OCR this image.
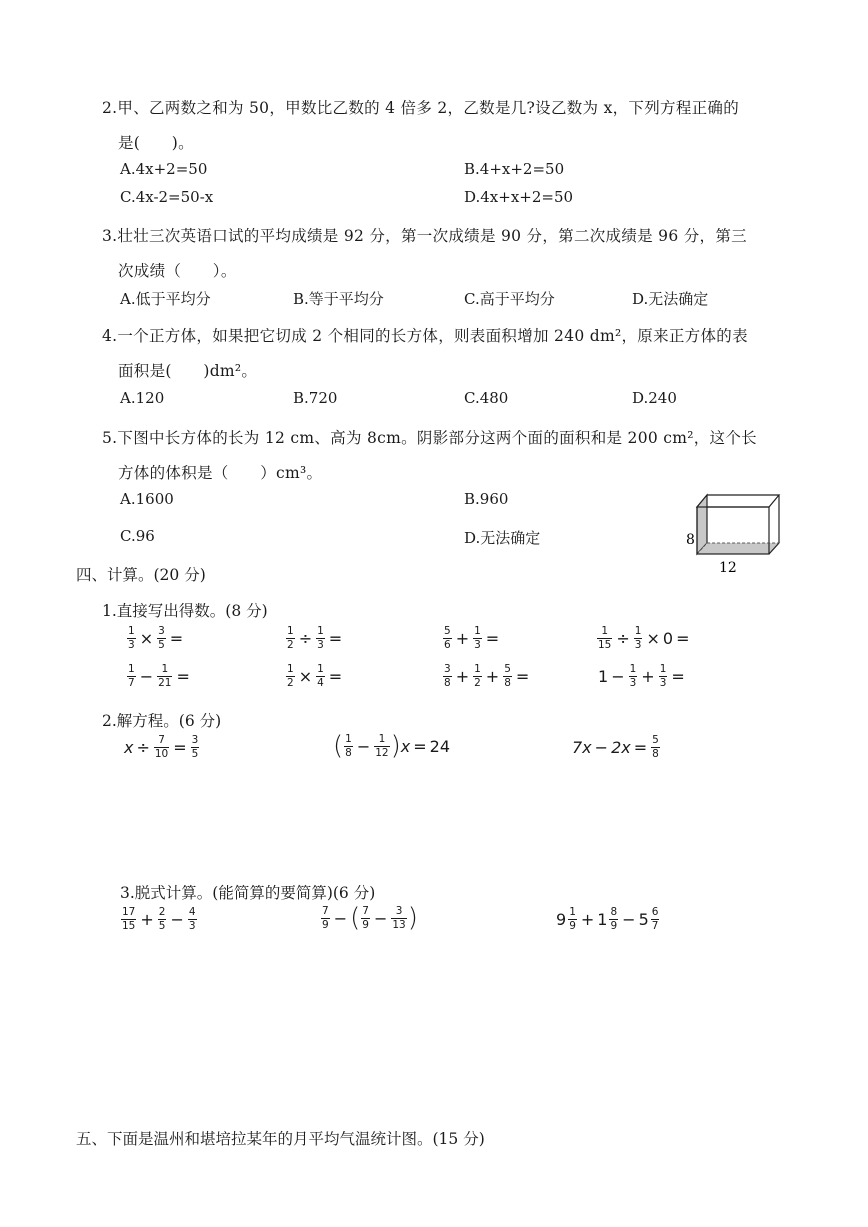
2.甲、乙两数之和为 50，甲数比乙数的 4 倍多 2，乙数是几?设乙数为 x，下列方程正确的
是(　　)。
A.4x+2=50	B.4+x+2=50
C.4x-2=50-x	D.4x+x+2=50
3.壮壮三次英语口试的平均成绩是 92 分，第一次成绩是 90 分，第二次成绩是 96 分，第三
次成绩（　　）。
A.低于平均分	B.等于平均分	C.高于平均分	D.无法确定
4.一个正方体，如果把它切成 2 个相同的长方体，则表面积增加 240 dm²，原来正方体的表
面积是(　　)dm²。
A.120	B.720	C.480	D.240
5.下图中长方体的长为 12 cm、高为 8cm。阴影部分这两个面的面积和是 200 cm²，这个长
方体的体积是（　　）cm³。
A.1600	B.960
C.96	D.无法确定	8
12
四、计算。(20 分)
1.直接写出得数。(8 分)
$\frac{1}{3} \times \frac{3}{5}$ =	$\frac{1}{2} \div \frac{1}{3}$ =	$\frac{5}{6} + \frac{1}{3}$ =	$\frac{1}{15} \div \frac{1}{3} \times 0$ =
$\frac{1}{7} - \frac{1}{21}$ =	$\frac{1}{2} \times \frac{1}{4}$ =	$\frac{3}{8} + \frac{1}{2} + \frac{5}{8}$ =	$1 - \frac{1}{3} + \frac{1}{3}$ =
2.解方程。(6 分)
$x \div \frac{7}{10} = \frac{3}{5}$	( $\frac{1}{8} - \frac{1}{12}$ ) x = 24	$7x - 2x = \frac{5}{8}$
3.脱式计算。(能简算的要简算)(6 分)
$\frac{17}{15} + \frac{2}{5} - \frac{4}{3}$	$\frac{7}{9}$ − ( $\frac{7}{9} - \frac{3}{13}$ )	$9 \frac{1}{9} + 1 \frac{8}{9} - 5 \frac{6}{7}$
五、下面是温州和堪培拉某年的月平均气温统计图。(15 分)
